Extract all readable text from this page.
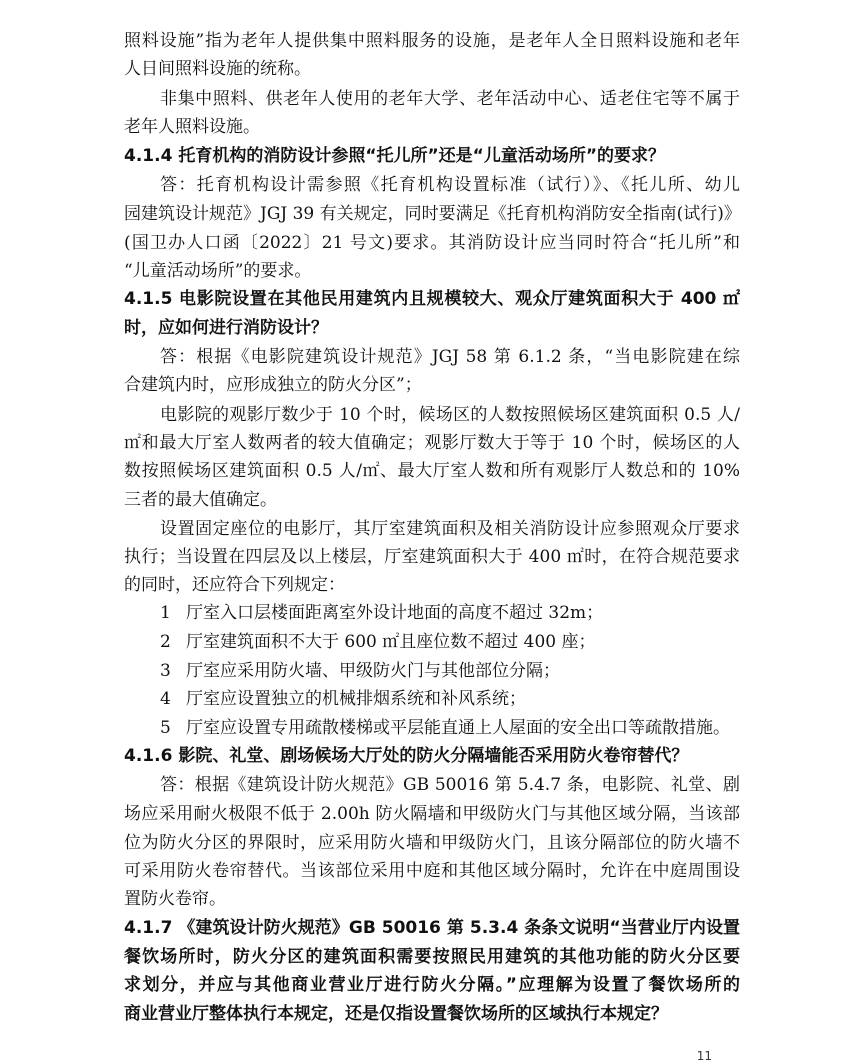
照料设施”指为老年人提供集中照料服务的设施，是老年人全日照料设施和老年
人日间照料设施的统称。
非集中照料、供老年人使用的老年大学、老年活动中心、适老住宅等不属于
老年人照料设施。
4.1.4 托育机构的消防设计参照“托儿所”还是“儿童活动场所”的要求？
答：托育机构设计需参照《托育机构设置标准（试行）》、《托儿所、幼儿
园建筑设计规范》JGJ 39 有关规定，同时要满足《托育机构消防安全指南(试行)》
(国卫办人口函〔2022〕21 号文)要求。其消防设计应当同时符合“托儿所”和
“儿童活动场所”的要求。
4.1.5 电影院设置在其他民用建筑内且规模较大、观众厅建筑面积大于 400 ㎡
时，应如何进行消防设计？
答：根据《电影院建筑设计规范》JGJ 58 第 6.1.2 条，“当电影院建在综
合建筑内时，应形成独立的防火分区”；
电影院的观影厅数少于 10 个时，候场区的人数按照候场区建筑面积 0.5 人/
㎡和最大厅室人数两者的较大值确定；观影厅数大于等于 10 个时，候场区的人
数按照候场区建筑面积 0.5 人/㎡、最大厅室人数和所有观影厅人数总和的 10%
三者的最大值确定。
设置固定座位的电影厅，其厅室建筑面积及相关消防设计应参照观众厅要求
执行；当设置在四层及以上楼层，厅室建筑面积大于 400 ㎡时，在符合规范要求
的同时，还应符合下列规定：
1 厅室入口层楼面距离室外设计地面的高度不超过 32m；
2 厅室建筑面积不大于 600 ㎡且座位数不超过 400 座；
3 厅室应采用防火墙、甲级防火门与其他部位分隔；
4 厅室应设置独立的机械排烟系统和补风系统；
5 厅室应设置专用疏散楼梯或平层能直通上人屋面的安全出口等疏散措施。
4.1.6 影院、礼堂、剧场候场大厅处的防火分隔墙能否采用防火卷帘替代？
答：根据《建筑设计防火规范》GB 50016 第 5.4.7 条，电影院、礼堂、剧
场应采用耐火极限不低于 2.00h 防火隔墙和甲级防火门与其他区域分隔，当该部
位为防火分区的界限时，应采用防火墙和甲级防火门，且该分隔部位的防火墙不
可采用防火卷帘替代。当该部位采用中庭和其他区域分隔时，允许在中庭周围设
置防火卷帘。
4.1.7 《建筑设计防火规范》GB 50016 第 5.3.4 条条文说明“当营业厅内设置
餐饮场所时，防火分区的建筑面积需要按照民用建筑的其他功能的防火分区要
求划分，并应与其他商业营业厅进行防火分隔。”应理解为设置了餐饮场所的
商业营业厅整体执行本规定，还是仅指设置餐饮场所的区域执行本规定？
11
